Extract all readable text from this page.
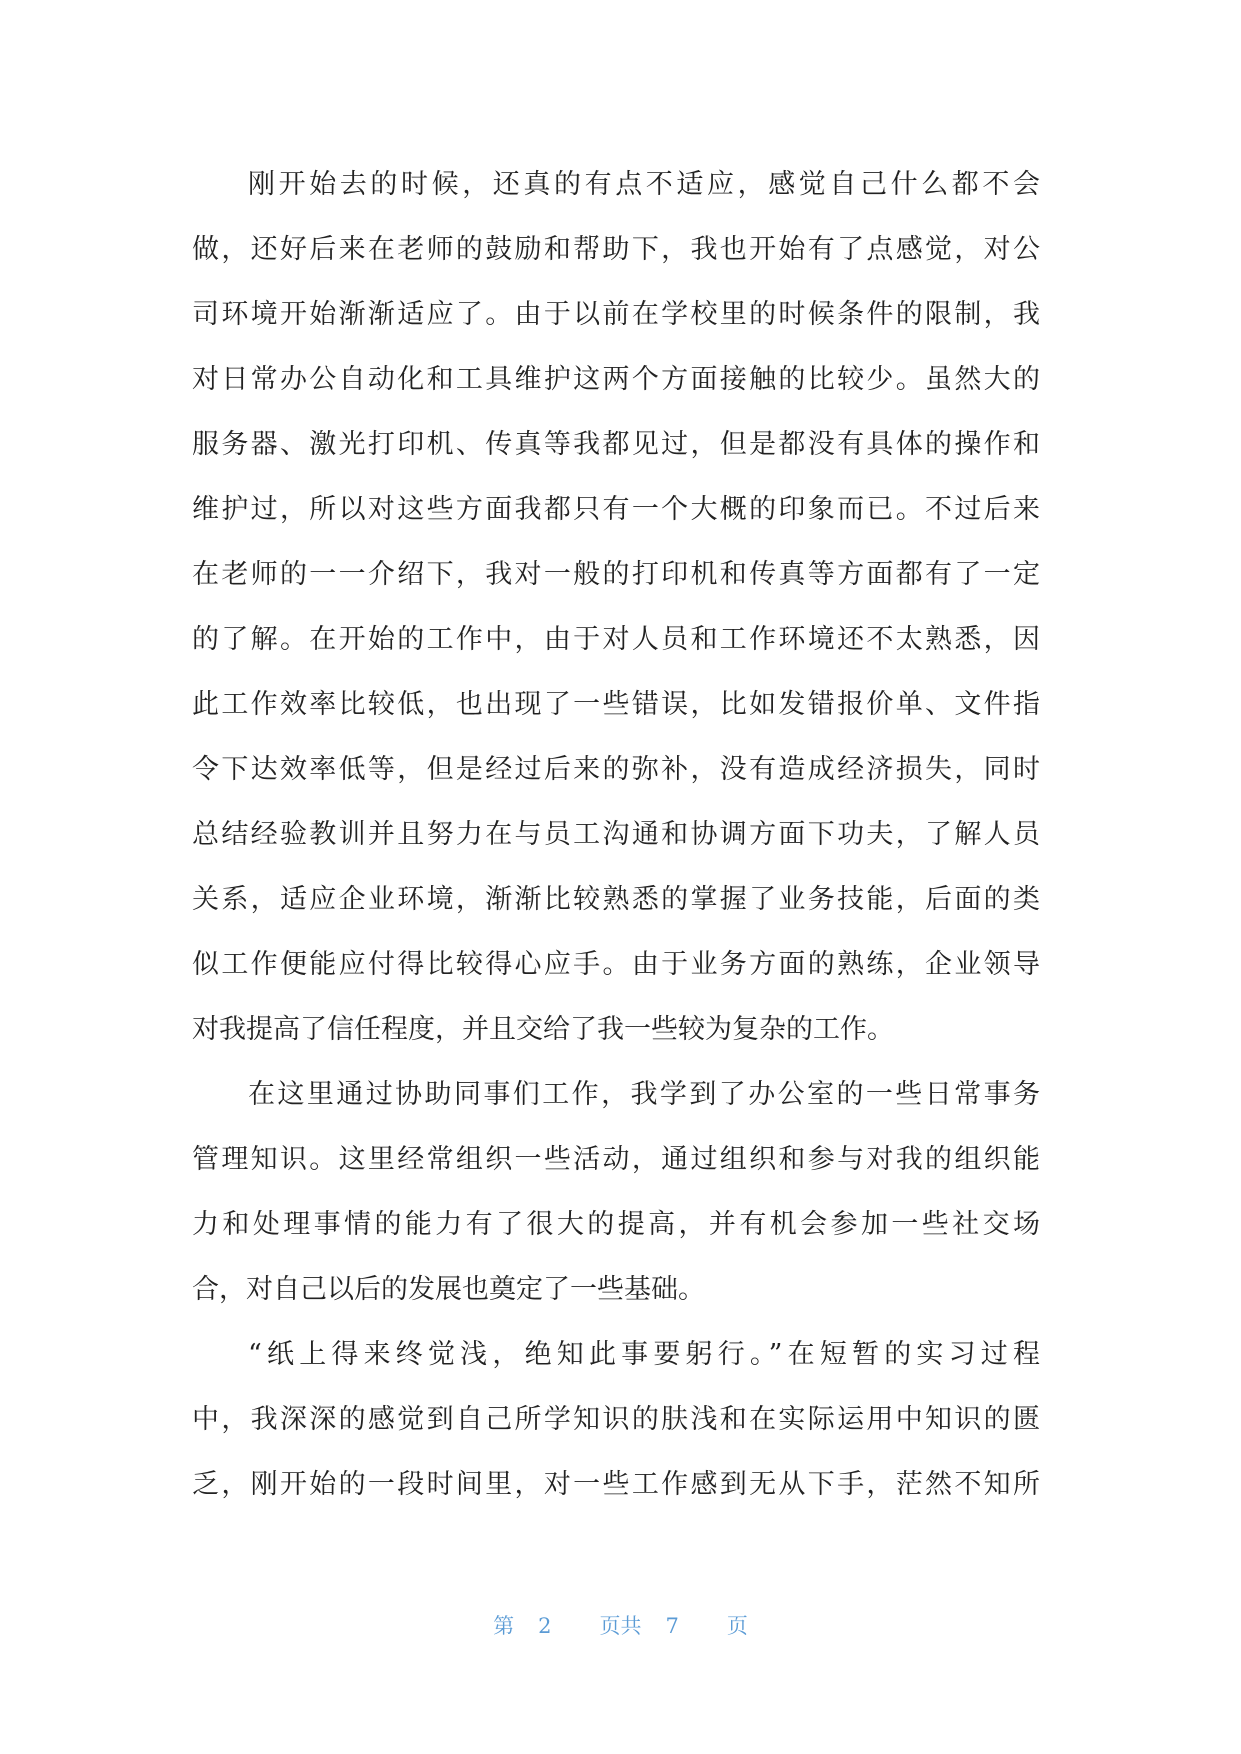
刚开始去的时候，还真的有点不适应，感觉自己什么都不会
做，还好后来在老师的鼓励和帮助下，我也开始有了点感觉，对公
司环境开始渐渐适应了。由于以前在学校里的时候条件的限制，我
对日常办公自动化和工具维护这两个方面接触的比较少。虽然大的
服务器、激光打印机、传真等我都见过，但是都没有具体的操作和
维护过，所以对这些方面我都只有一个大概的印象而已。不过后来
在老师的一一介绍下，我对一般的打印机和传真等方面都有了一定
的了解。在开始的工作中，由于对人员和工作环境还不太熟悉，因
此工作效率比较低，也出现了一些错误，比如发错报价单、文件指
令下达效率低等，但是经过后来的弥补，没有造成经济损失，同时
总结经验教训并且努力在与员工沟通和协调方面下功夫，了解人员
关系，适应企业环境，渐渐比较熟悉的掌握了业务技能，后面的类
似工作便能应付得比较得心应手。由于业务方面的熟练，企业领导
对我提高了信任程度，并且交给了我一些较为复杂的工作。
在这里通过协助同事们工作，我学到了办公室的一些日常事务
管理知识。这里经常组织一些活动，通过组织和参与对我的组织能
力和处理事情的能力有了很大的提高，并有机会参加一些社交场
合，对自己以后的发展也奠定了一些基础。
“纸上得来终觉浅，绝知此事要躬行。”在短暂的实习过程
中，我深深的感觉到自己所学知识的肤浅和在实际运用中知识的匮
乏，刚开始的一段时间里，对一些工作感到无从下手，茫然不知所
第 2 页共 7 页
